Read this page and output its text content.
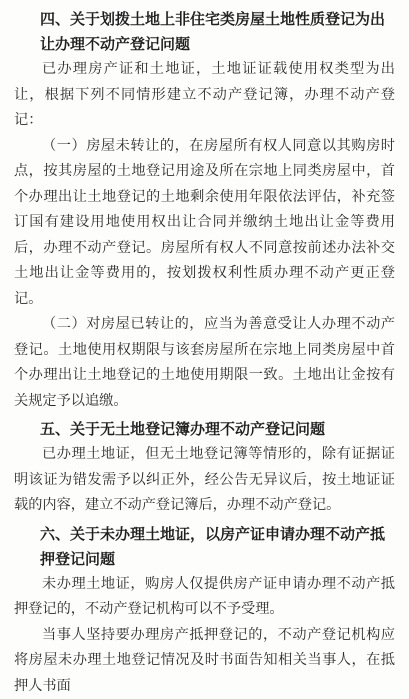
四、关于划拨土地上非住宅类房屋土地性质登记为出让办理不动产登记问题

已办理房产证和土地证，土地证证载使用权类型为出让，根据下列不同情形建立不动产登记簿，办理不动产登记：

（一）房屋未转让的，在房屋所有权人同意以其购房时点，按其房屋的土地登记用途及所在宗地上同类房屋中，首个办理出让土地登记的土地剩余使用年限依法评估，补充签订国有建设用地使用权出让合同并缴纳土地出让金等费用后，办理不动产登记。房屋所有权人不同意按前述办法补交土地出让金等费用的，按划拨权利性质办理不动产更正登记。

（二）对房屋已转让的，应当为善意受让人办理不动产登记。土地使用权期限与该套房屋所在宗地上同类房屋中首个办理出让土地登记的土地使用期限一致。土地出让金按有关规定予以追缴。

五、关于无土地登记簿办理不动产登记问题

已办理土地证，但无土地登记簿等情形的，除有证据证明该证为错发需予以纠正外，经公告无异议后，按土地证证载的内容，建立不动产登记簿后，办理不动产登记。

六、关于未办理土地证，以房产证申请办理不动产抵押登记问题

未办理土地证，购房人仅提供房产证申请办理不动产抵押登记的，不动产登记机构可以不予受理。

当事人坚持要办理房产抵押登记的，不动产登记机构应将房屋未办理土地登记情况及时书面告知相关当事人，在抵押人书面
